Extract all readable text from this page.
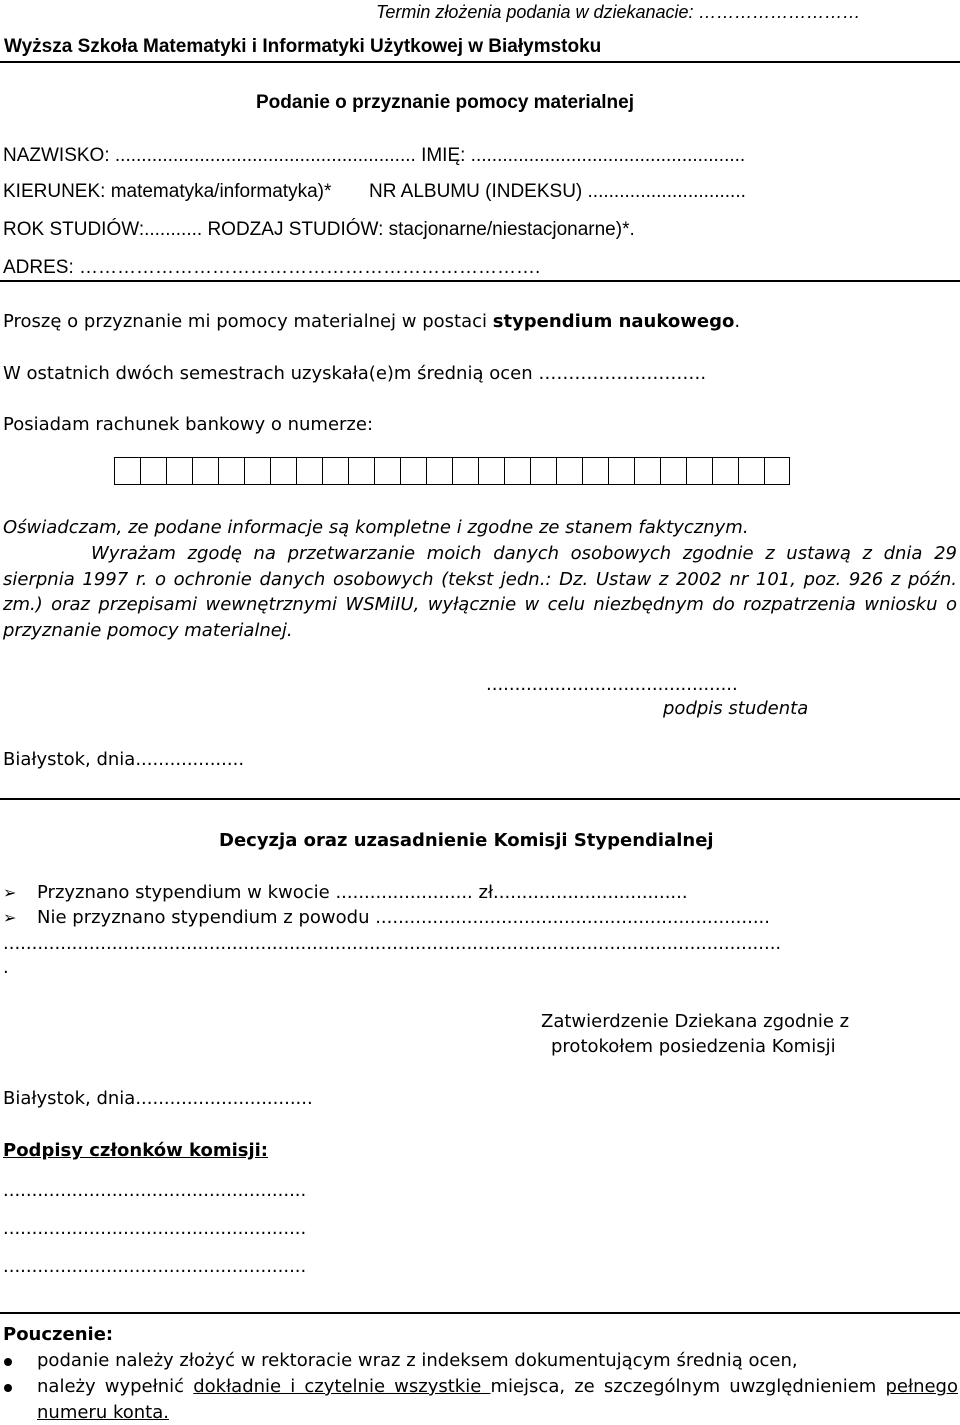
Termin złożenia podania w dziekanacie: ………………………
Wyższa Szkoła Matematyki i Informatyki Użytkowej w Białymstoku
Podanie o przyznanie pomocy materialnej
NAZWISKO: ......................................................... IMIĘ: ....................................................
KIERUNEK: matematyka/informatyka)* NR ALBUMU (INDEKSU) ..............................
ROK STUDIÓW:........... RODZAJ STUDIÓW: stacjonarne/niestacjonarne)*.
ADRES: ……………………………………………………………….
Proszę o przyznanie mi pomocy materialnej w postaci stypendium naukowego.
W ostatnich dwóch semestrach uzyskała(e)m średnią ocen ……………………….
Posiadam rachunek bankowy o numerze:
Oświadczam, ze podane informacje są kompletne i zgodne ze stanem faktycznym.
Wyrażam zgodę na przetwarzanie moich danych osobowych zgodnie z ustawą z dnia 29 sierpnia 1997 r. o ochronie danych osobowych (tekst jedn.: Dz. Ustaw z 2002 nr 101, poz. 926 z późn. zm.) oraz przepisami wewnętrznymi WSMiIU, wyłącznie w celu niezbędnym do rozpatrzenia wniosku o przyznanie pomocy materialnej.
............................................
podpis studenta
Białystok, dnia...................
Decyzja oraz uzasadnienie Komisji Stypendialnej
➢ Przyznano stypendium w kwocie ........................ zł..................................
➢ Nie przyznano stypendium z powodu .....................................................................
........................................................................................................................................
.
Zatwierdzenie Dziekana zgodnie z
protokołem posiedzenia Komisji
Białystok, dnia...............................
Podpisy członków komisji:
.....................................................
.....................................................
.....................................................
Pouczenie:
podanie należy złożyć w rektoracie wraz z indeksem dokumentującym średnią ocen,
należy wypełnić dokładnie i czytelnie wszystkie miejsca, ze szczególnym uwzględnieniem pełnego
numeru konta.
